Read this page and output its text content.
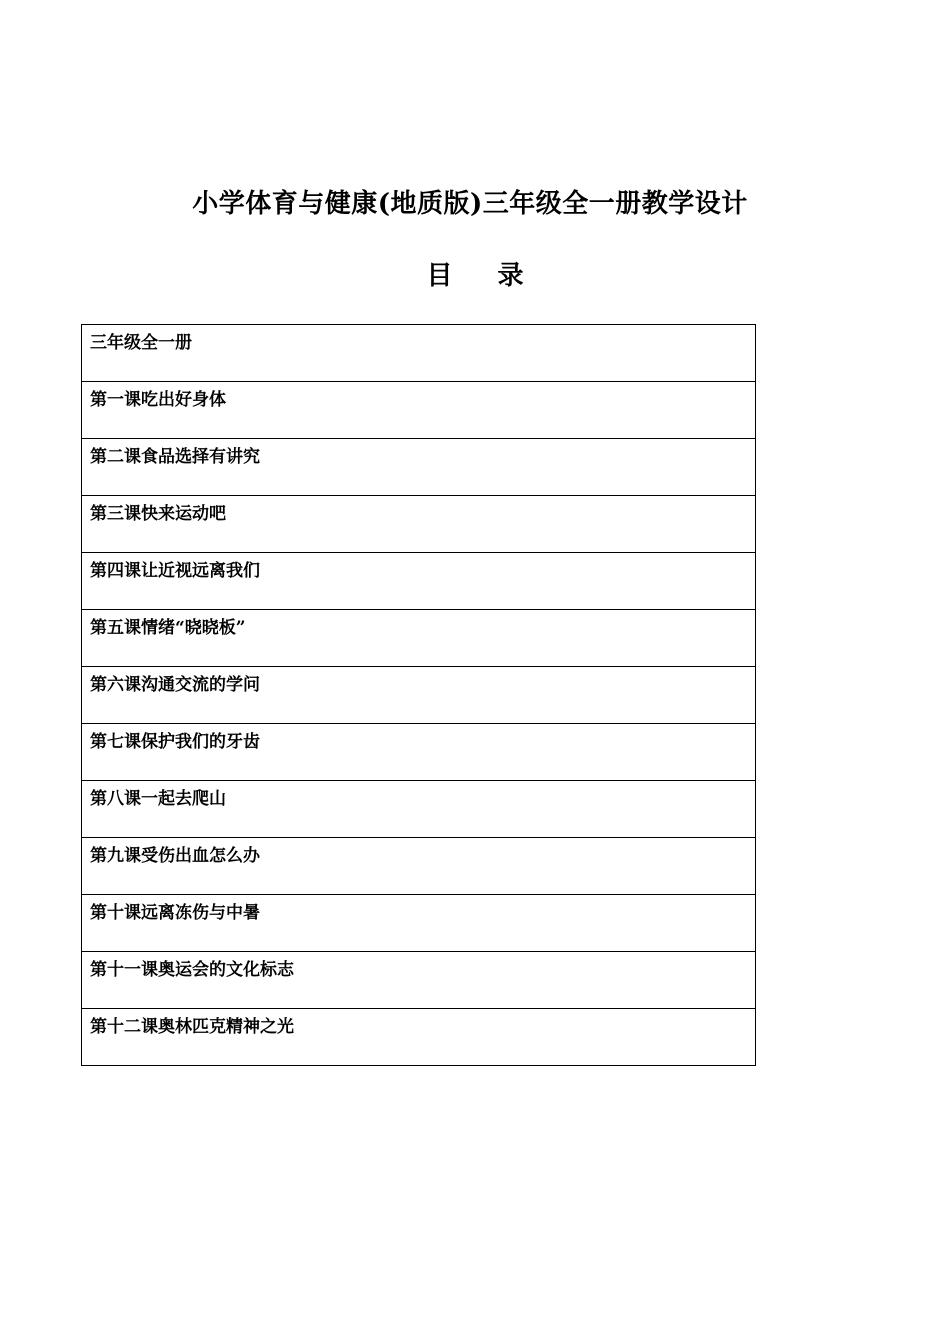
小学体育与健康(地质版)三年级全一册教学设计
目 录
三年级全一册

第一课吃出好身体

第二课食品选择有讲究

第三课快来运动吧

第四课让近视远离我们

第五课情绪“晓晓板”

第六课沟通交流的学问

第七课保护我们的牙齿

第八课一起去爬山

第九课受伤出血怎么办

第十课远离冻伤与中暑

第十一课奥运会的文化标志

第十二课奥林匹克精神之光
